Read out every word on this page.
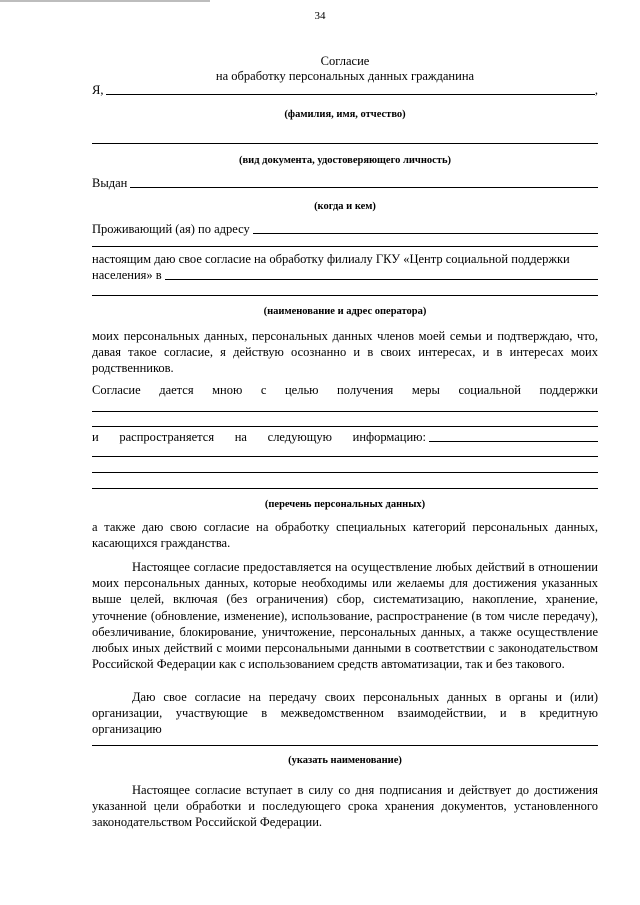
34
Согласие
на обработку персональных данных гражданина
Я,	,
(фамилия, имя, отчество)
(вид документа, удостоверяющего личность)
Выдан
(когда и кем)
Проживающий (ая) по адресу
настоящим даю свое согласие на обработку филиалу ГКУ «Центр социальной поддержки
населения» в
(наименование и адрес оператора)
моих персональных данных, персональных данных членов моей семьи и подтверждаю, что, давая такое согласие, я действую осознанно и в своих интересах, и в интересах моих родственников.
Согласие дается мною с целью получения меры социальной поддержки
и распространяется на следующую информацию:
(перечень персональных данных)
а также даю свою согласие на обработку специальных категорий персональных данных, касающихся гражданства.
Настоящее согласие предоставляется на осуществление любых действий в отношении моих персональных данных, которые необходимы или желаемы для достижения указанных выше целей, включая (без ограничения) сбор, систематизацию, накопление, хранение, уточнение (обновление, изменение), использование, распространение (в том числе передачу), обезличивание, блокирование, уничтожение, персональных данных, а также осуществление любых иных действий с моими персональными данными в соответствии с законодательством Российской Федерации как с использованием средств автоматизации, так и без такового.
Даю свое согласие на передачу своих персональных данных в органы и (или) организации, участвующие в межведомственном взаимодействии, и в кредитную организацию
(указать наименование)
Настоящее согласие вступает в силу со дня подписания и действует до достижения указанной цели обработки и последующего срока хранения документов, установленного законодательством Российской Федерации.
